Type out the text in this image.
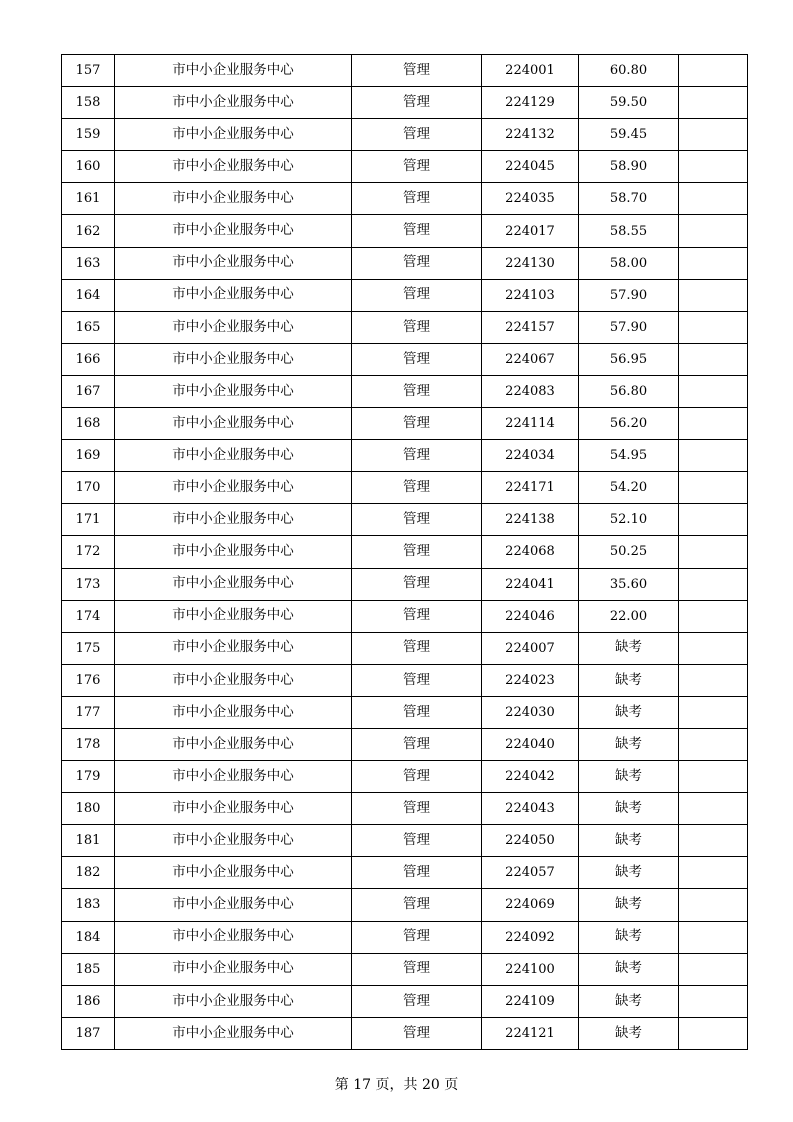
157	市中小企业服务中心	管理	224001	60.80	
158	市中小企业服务中心	管理	224129	59.50	
159	市中小企业服务中心	管理	224132	59.45	
160	市中小企业服务中心	管理	224045	58.90	
161	市中小企业服务中心	管理	224035	58.70	
162	市中小企业服务中心	管理	224017	58.55	
163	市中小企业服务中心	管理	224130	58.00	
164	市中小企业服务中心	管理	224103	57.90	
165	市中小企业服务中心	管理	224157	57.90	
166	市中小企业服务中心	管理	224067	56.95	
167	市中小企业服务中心	管理	224083	56.80	
168	市中小企业服务中心	管理	224114	56.20	
169	市中小企业服务中心	管理	224034	54.95	
170	市中小企业服务中心	管理	224171	54.20	
171	市中小企业服务中心	管理	224138	52.10	
172	市中小企业服务中心	管理	224068	50.25	
173	市中小企业服务中心	管理	224041	35.60	
174	市中小企业服务中心	管理	224046	22.00	
175	市中小企业服务中心	管理	224007	缺考	
176	市中小企业服务中心	管理	224023	缺考	
177	市中小企业服务中心	管理	224030	缺考	
178	市中小企业服务中心	管理	224040	缺考	
179	市中小企业服务中心	管理	224042	缺考	
180	市中小企业服务中心	管理	224043	缺考	
181	市中小企业服务中心	管理	224050	缺考	
182	市中小企业服务中心	管理	224057	缺考	
183	市中小企业服务中心	管理	224069	缺考	
184	市中小企业服务中心	管理	224092	缺考	
185	市中小企业服务中心	管理	224100	缺考	
186	市中小企业服务中心	管理	224109	缺考	
187	市中小企业服务中心	管理	224121	缺考	
第 17 页，共 20 页
